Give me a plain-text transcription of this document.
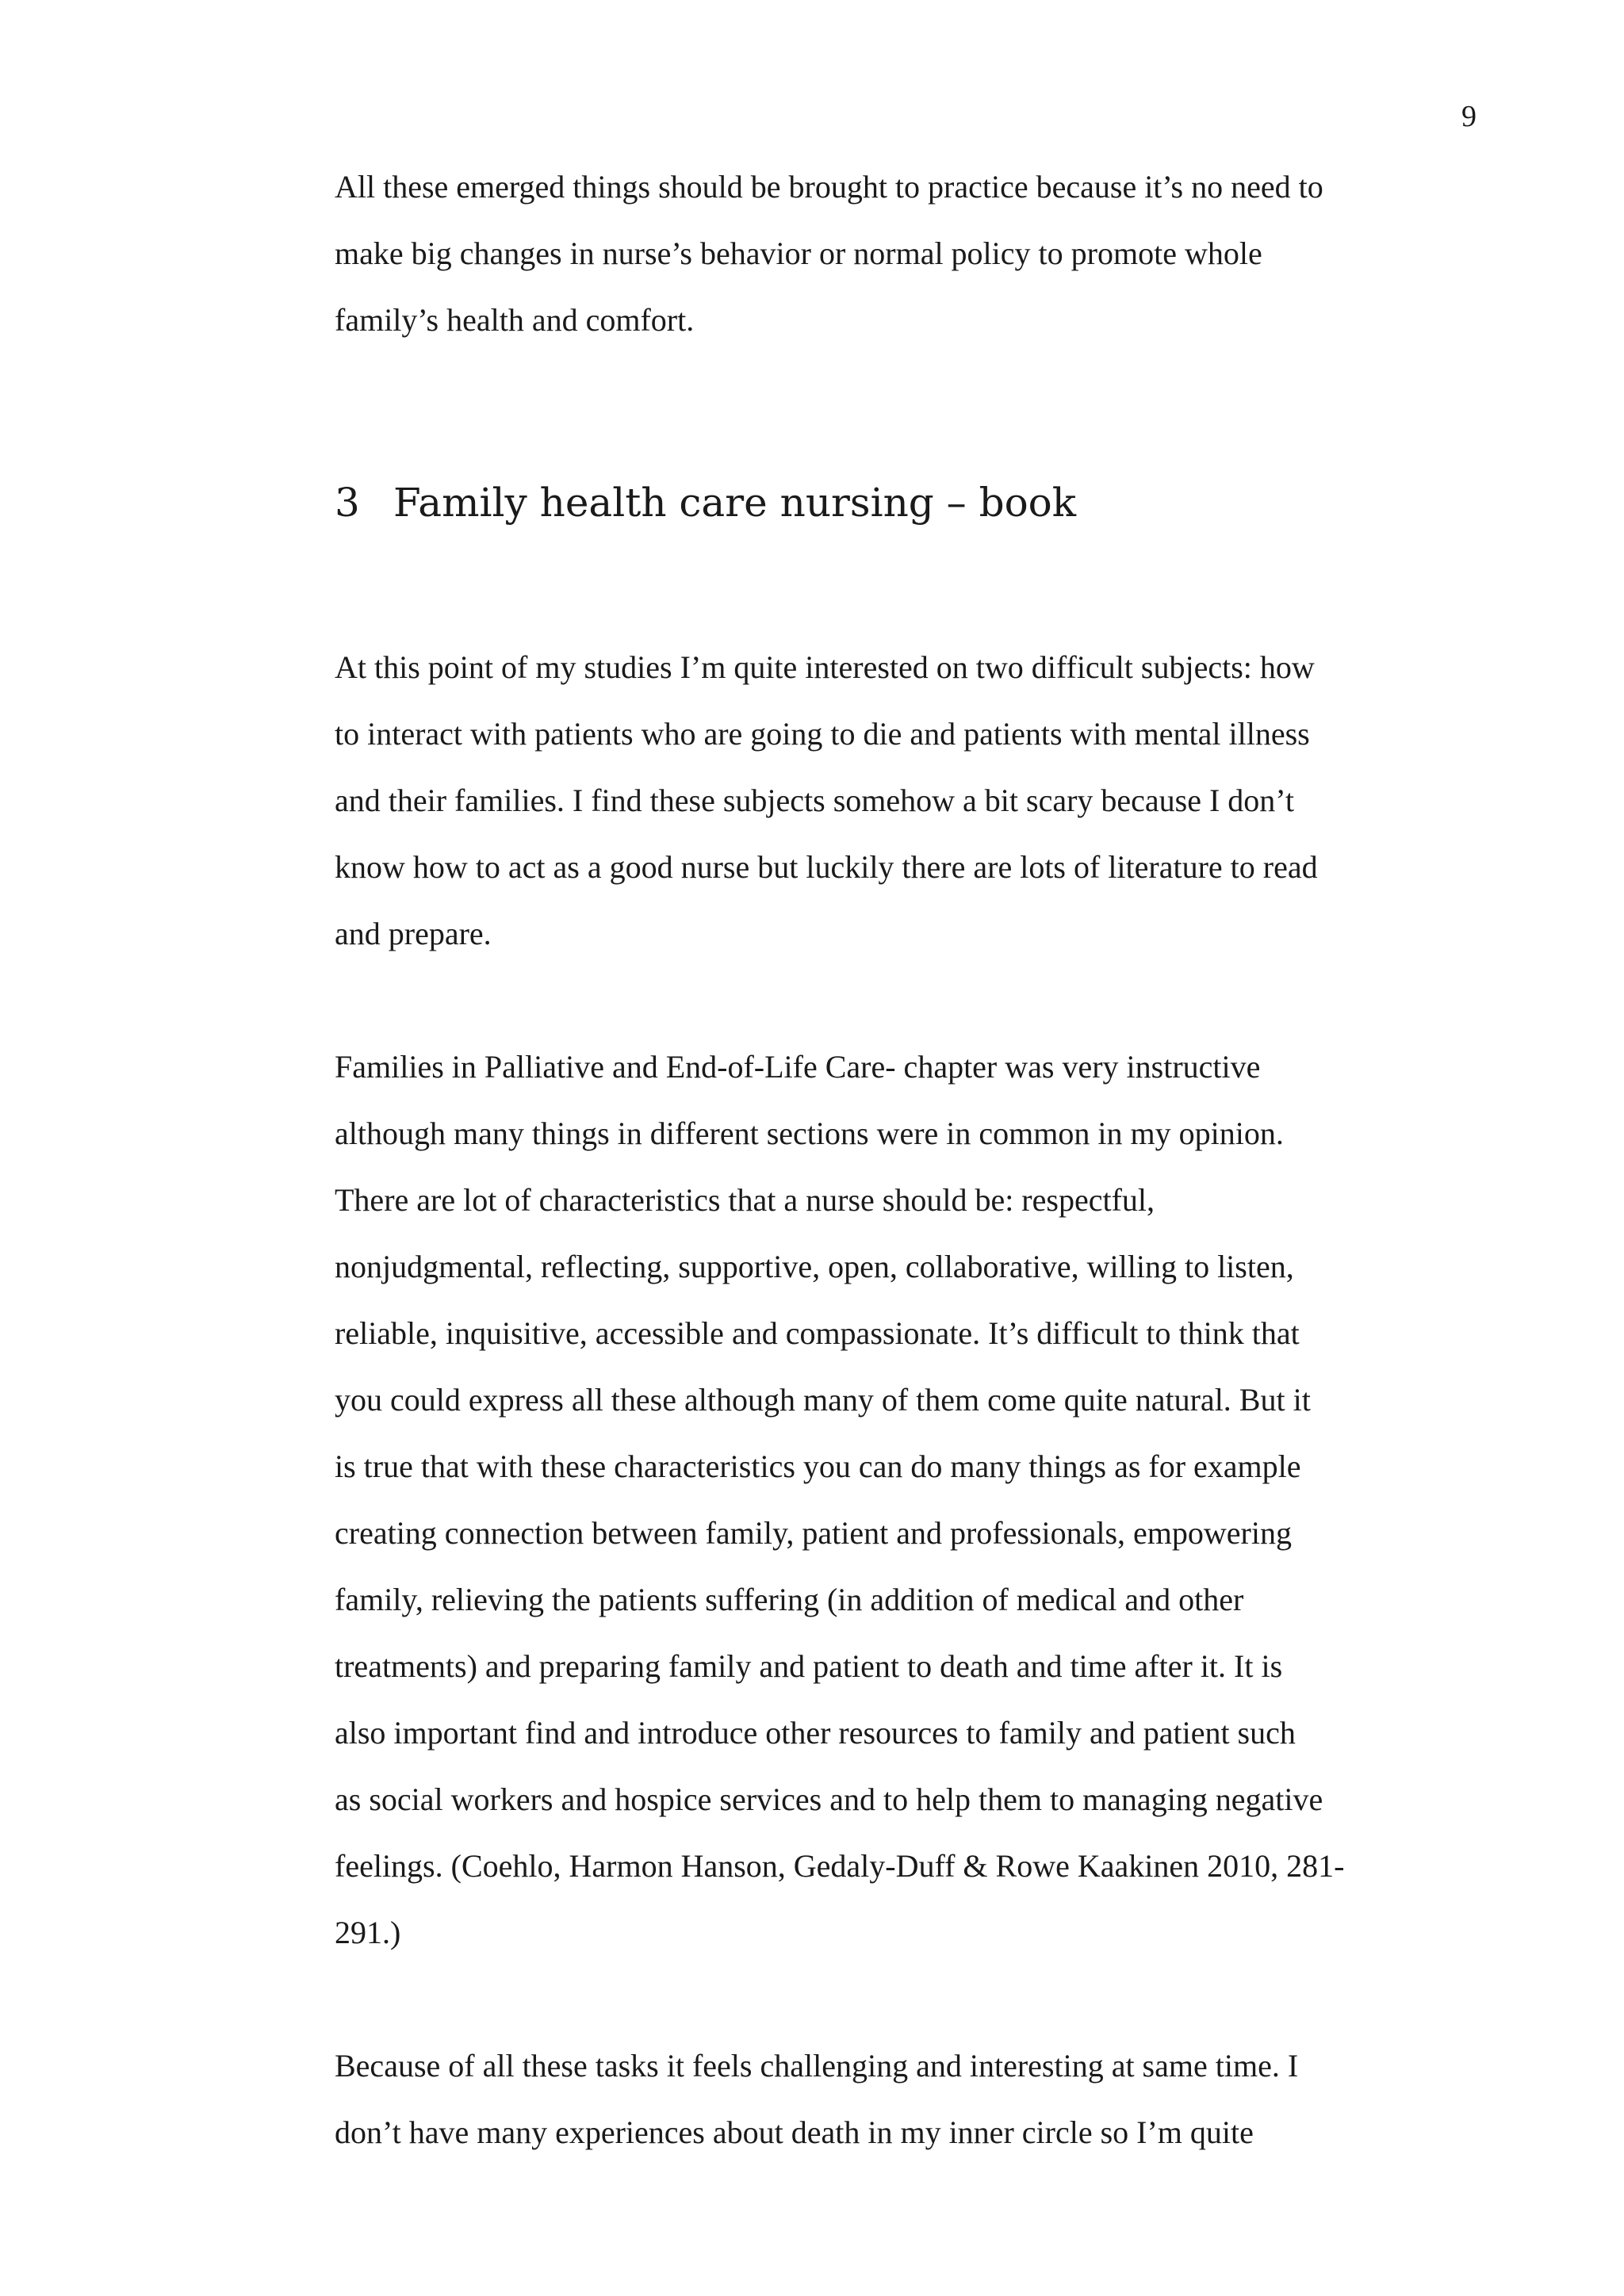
9

All these emerged things should be brought to practice because it’s no need to
make big changes in nurse’s behavior or normal policy to promote whole
family’s health and comfort.

3 Family health care nursing – book

At this point of my studies I’m quite interested on two difficult subjects: how
to interact with patients who are going to die and patients with mental illness
and their families. I find these subjects somehow a bit scary because I don’t
know how to act as a good nurse but luckily there are lots of literature to read
and prepare.

Families in Palliative and End-of-Life Care- chapter was very instructive
although many things in different sections were in common in my opinion.
There are lot of characteristics that a nurse should be: respectful,
nonjudgmental, reflecting, supportive, open, collaborative, willing to listen,
reliable, inquisitive, accessible and compassionate. It’s difficult to think that
you could express all these although many of them come quite natural. But it
is true that with these characteristics you can do many things as for example
creating connection between family, patient and professionals, empowering
family, relieving the patients suffering (in addition of medical and other
treatments) and preparing family and patient to death and time after it. It is
also important find and introduce other resources to family and patient such
as social workers and hospice services and to help them to managing negative
feelings. (Coehlo, Harmon Hanson, Gedaly-Duff & Rowe Kaakinen 2010, 281-
291.)

Because of all these tasks it feels challenging and interesting at same time. I
don’t have many experiences about death in my inner circle so I’m quite
